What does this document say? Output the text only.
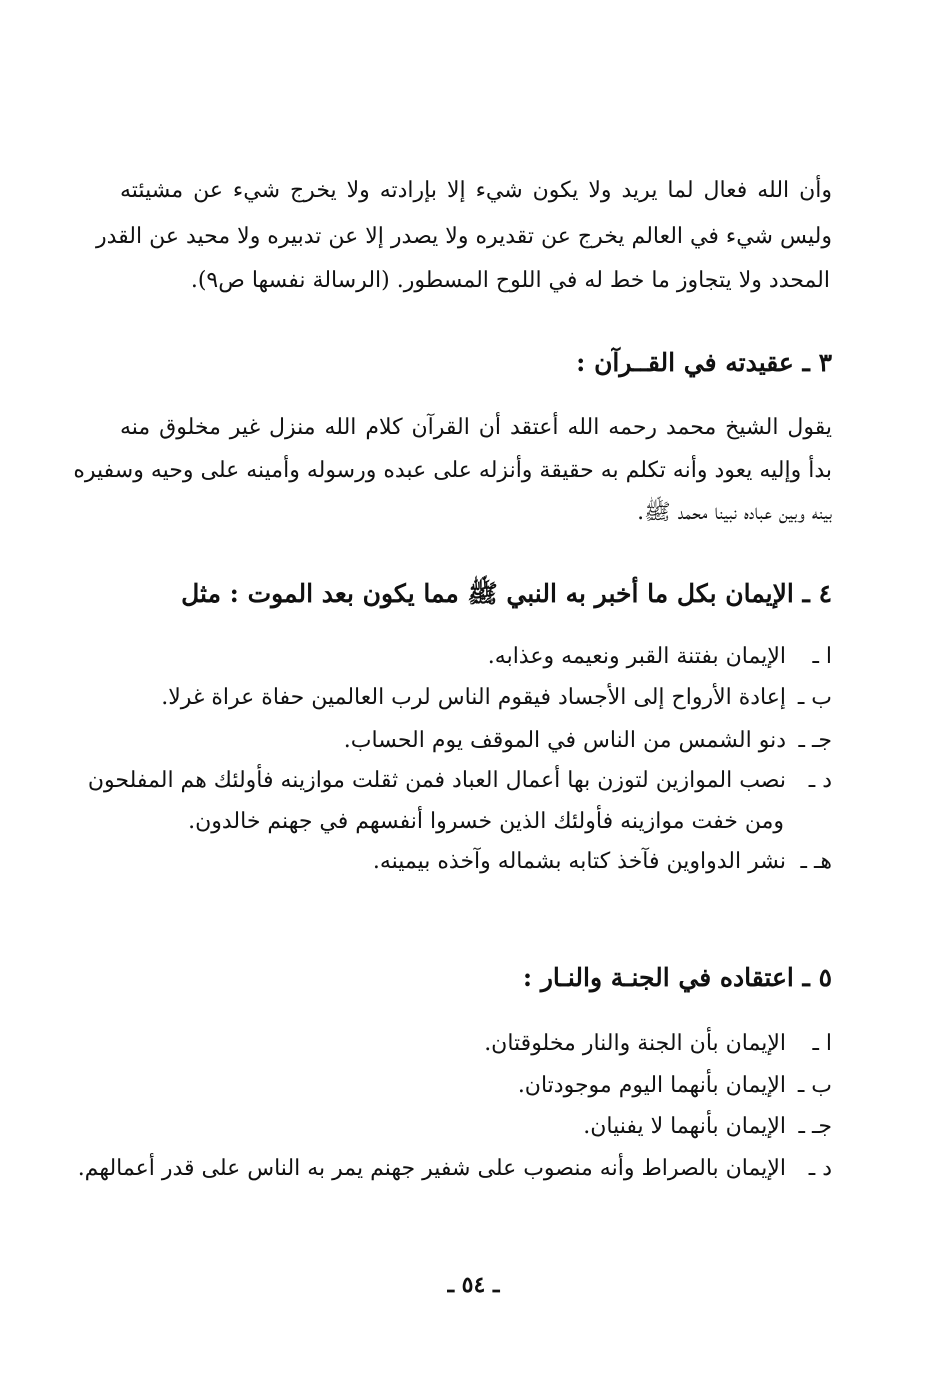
وأن الله فعال لما يريد ولا يكون شيء إلا بإرادته ولا يخرج شيء عن مشيئته
وليس شيء في العالم يخرج عن تقديره ولا يصدر إلا عن تدبيره ولا محيد عن القدر
المحدد ولا يتجاوز ما خط له في اللوح المسطور. (الرسالة نفسها ص٩).
٣ ـ عقيدته في القــرآن :
يقول الشيخ محمد رحمه الله أعتقد أن القرآن كلام الله منزل غير مخلوق منه
بدأ وإليه يعود وأنه تكلم به حقيقة وأنزله على عبده ورسوله وأمينه على وحيه وسفيره
بينه وبين عباده نبينا محمد ﷺ.
٤ ـ الإيمان بكل ما أخبر به النبي ﷺ مما يكون بعد الموت : مثل
ا ـ
الإيمان بفتنة القبر ونعيمه وعذابه.
ب ـ
إعادة الأرواح إلى الأجساد فيقوم الناس لرب العالمين حفاة عراة غرلا.
جـ ـ
دنو الشمس من الناس في الموقف يوم الحساب.
د ـ
نصب الموازين لتوزن بها أعمال العباد فمن ثقلت موازينه فأولئك هم المفلحون
ومن خفت موازينه فأولئك الذين خسروا أنفسهم في جهنم خالدون.
هـ ـ
نشر الدواوين فآخذ كتابه بشماله وآخذه بيمينه.
٥ ـ اعتقاده في الجنـة والنـار :
ا ـ
الإيمان بأن الجنة والنار مخلوقتان.
ب ـ
الإيمان بأنهما اليوم موجودتان.
جـ ـ
الإيمان بأنهما لا يفنيان.
د ـ
الإيمان بالصراط وأنه منصوب على شفير جهنم يمر به الناس على قدر أعمالهم.
ـ ٥٤ ـ
